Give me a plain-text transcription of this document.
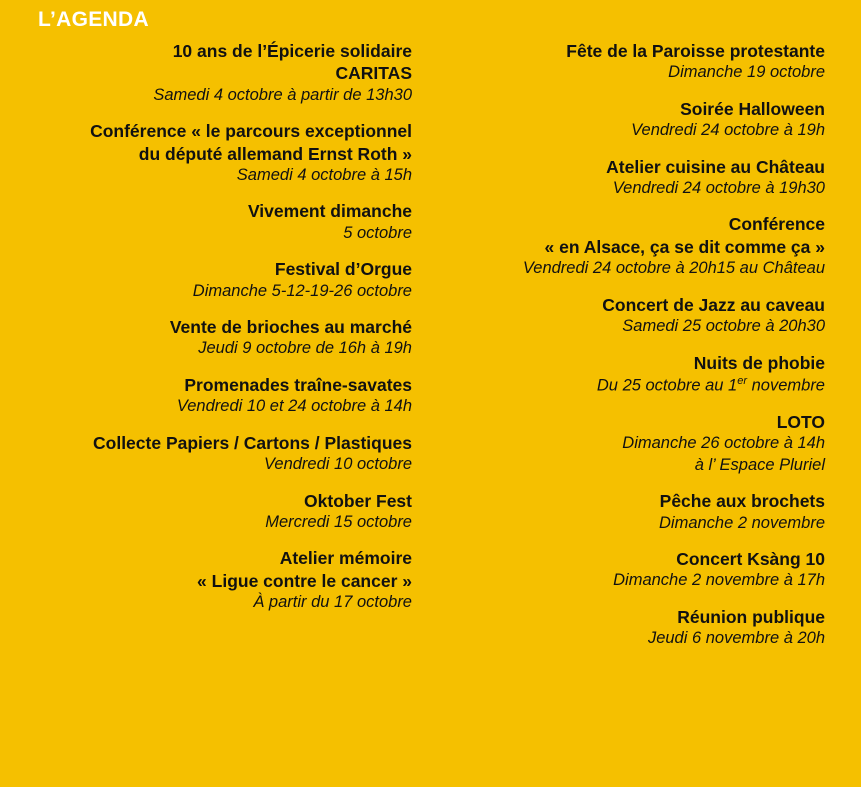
L’AGENDA
10 ans de l’Épicerie solidaire
CARITAS
Samedi 4 octobre à partir de 13h30
Conférence « le parcours exceptionnel
du député allemand Ernst Roth »
Samedi 4 octobre à 15h
Vivement dimanche
5 octobre
Festival d’Orgue
Dimanche 5-12-19-26 octobre
Vente de brioches au marché
Jeudi 9 octobre de 16h à 19h
Promenades traîne-savates
Vendredi 10 et 24 octobre à 14h
Collecte Papiers / Cartons / Plastiques
Vendredi 10 octobre
Oktober Fest
Mercredi 15 octobre
Atelier mémoire
« Ligue contre le cancer »
À partir du 17 octobre
Fête de la Paroisse protestante
Dimanche 19 octobre
Soirée Halloween
Vendredi 24 octobre à 19h
Atelier cuisine au Château
Vendredi 24 octobre à 19h30
Conférence
« en Alsace, ça se dit comme ça »
Vendredi 24 octobre à 20h15 au Château
Concert de Jazz au caveau
Samedi 25 octobre à 20h30
Nuits de phobie
Du 25 octobre au 1er novembre
LOTO
Dimanche 26 octobre à 14h
à l’ Espace Pluriel
Pêche aux brochets
Dimanche 2 novembre
Concert Ksàng 10
Dimanche 2 novembre à 17h
Réunion publique
Jeudi 6 novembre à 20h
